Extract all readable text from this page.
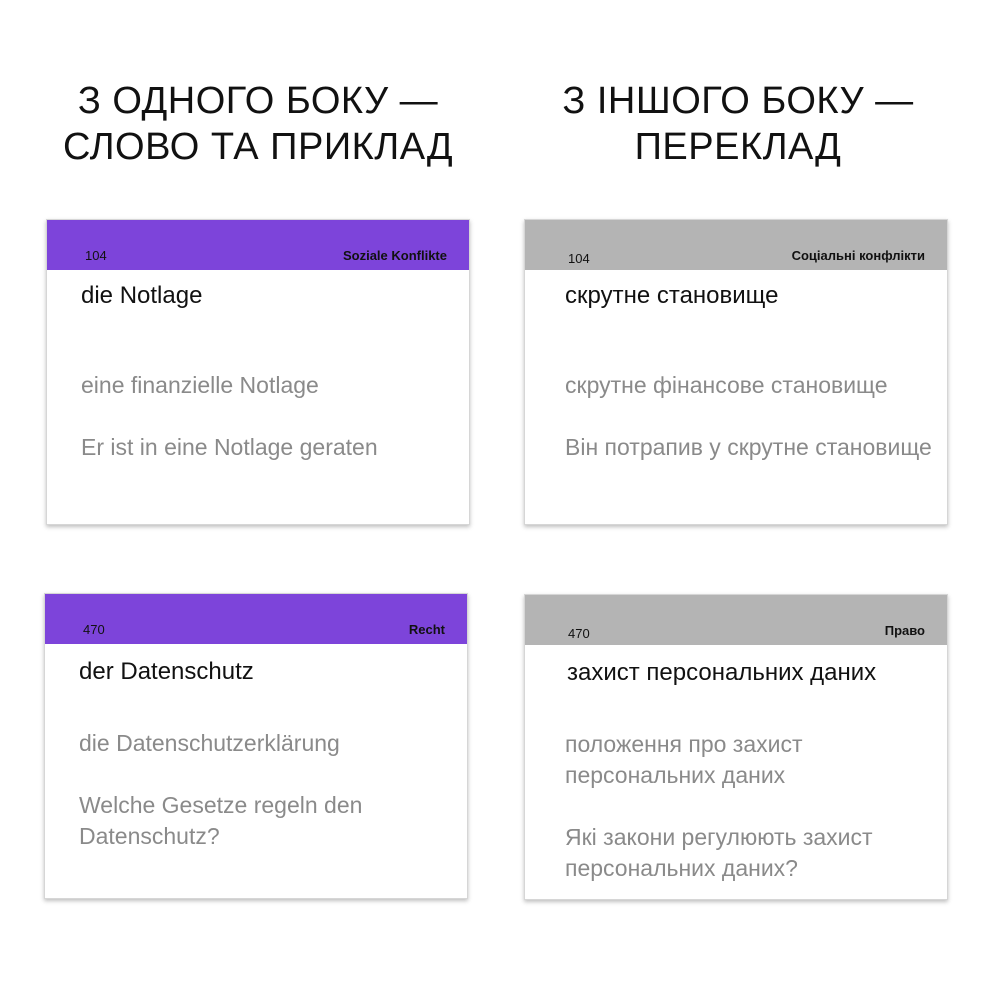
З ОДНОГО БОКУ —
СЛОВО ТА ПРИКЛАД
З ІНШОГО БОКУ —
ПЕРЕКЛАД
104	Soziale Konflikte
die Notlage
eine finanzielle Notlage
Er ist in eine Notlage geraten
104	Соціальні конфлікти
скрутне становище
скрутне фінансове становище
Він потрапив у скрутне становище
470	Recht
der Datenschutz
die Datenschutzerklärung
Welche Gesetze regeln den Datenschutz?
470	Право
захист персональних даних
положення про захист персональних даних
Які закони регулюють захист персональних даних?
